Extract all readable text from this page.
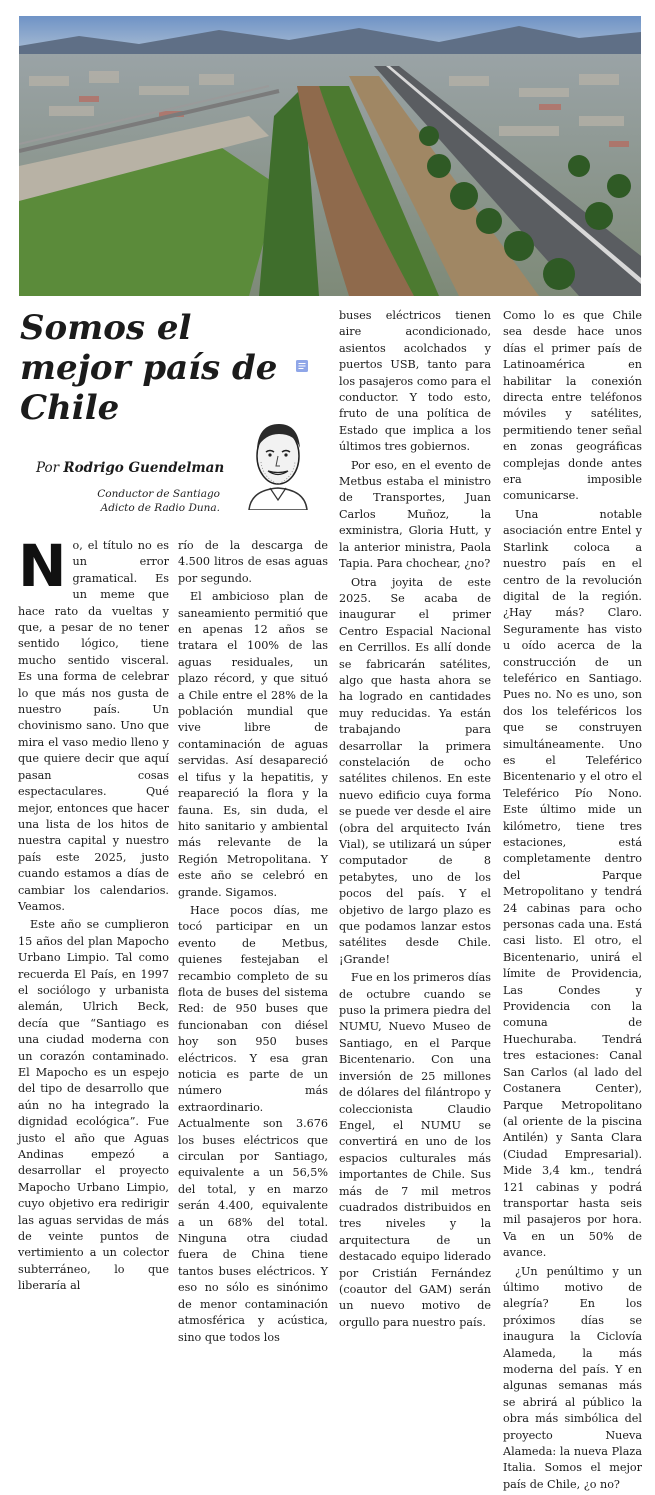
Somos el mejor país de Chile
Por Rodrigo Guendelman
Conductor de Santiago Adicto de Radio Duna.

No, el título no es un error gramatical. Es un meme que hace rato da vueltas y que, a pesar de no tener sentido lógico, tiene mucho sentido visceral. Es una forma de celebrar lo que más nos gusta de nuestro país. Un chovinismo sano. Uno que mira el vaso medio lleno y que quiere decir que aquí pasan cosas espectaculares. Qué mejor, entonces que hacer una lista de los hitos de nuestra capital y nuestro país este 2025, justo cuando estamos a días de cambiar los calendarios. Veamos.

Este año se cumplieron 15 años del plan Mapocho Urbano Limpio. Tal como recuerda El País, en 1997 el sociólogo y urbanista alemán, Ulrich Beck, decía que “Santiago es una ciudad moderna con un corazón contaminado. El Mapocho es un espejo del tipo de desarrollo que aún no ha integrado la dignidad ecológica”. Fue justo el año que Aguas Andinas empezó a desarrollar el proyecto Mapocho Urbano Limpio, cuyo objetivo era redirigir las aguas servidas de más de veinte puntos de vertimiento a un colector subterráneo, lo que liberaría al

río de la descarga de 4.500 litros de esas aguas por segundo.

El ambicioso plan de saneamiento permitió que en apenas 12 años se tratara el 100% de las aguas residuales, un plazo récord, y que situó a Chile entre el 28% de la población mundial que vive libre de contaminación de aguas servidas. Así desapareció el tifus y la hepatitis, y reapareció la flora y la fauna. Es, sin duda, el hito sanitario y ambiental más relevante de la Región Metropolitana. Y este año se celebró en grande. Sigamos.

Hace pocos días, me tocó participar en un evento de Metbus, quienes festejaban el recambio completo de su flota de buses del sistema Red: de 950 buses que funcionaban con diésel hoy son 950 buses eléctricos. Y esa gran noticia es parte de un número más extraordinario. Actualmente son 3.676 los buses eléctricos que circulan por Santiago, equivalente a un 56,5% del total, y en marzo serán 4.400, equivalente a un 68% del total. Ninguna otra ciudad fuera de China tiene tantos buses eléctricos. Y eso no sólo es sinónimo de menor contaminación atmosférica y acústica, sino que todos los

buses eléctricos tienen aire acondicionado, asientos acolchados y puertos USB, tanto para los pasajeros como para el conductor. Y todo esto, fruto de una política de Estado que implica a los últimos tres gobiernos.

Por eso, en el evento de Metbus estaba el ministro de Transportes, Juan Carlos Muñoz, la exministra, Gloria Hutt, y la anterior ministra, Paola Tapia. Para chochear, ¿no?

Otra joyita de este 2025. Se acaba de inaugurar el primer Centro Espacial Nacional en Cerrillos. Es allí donde se fabricarán satélites, algo que hasta ahora se ha logrado en cantidades muy reducidas. Ya están trabajando para desarrollar la primera constelación de ocho satélites chilenos. En este nuevo edificio cuya forma se puede ver desde el aire (obra del arquitecto Iván Vial), se utilizará un súper computador de 8 petabytes, uno de los pocos del país. Y el objetivo de largo plazo es que podamos lanzar estos satélites desde Chile. ¡Grande!

Fue en los primeros días de octubre cuando se puso la primera piedra del NUMU, Nuevo Museo de Santiago, en el Parque Bicentenario. Con una inversión de 25 millones de dólares del filántropo y coleccionista Claudio Engel, el NUMU se convertirá en uno de los espacios culturales más importantes de Chile. Sus más de 7 mil metros cuadrados distribuidos en tres niveles y la arquitectura de un destacado equipo liderado por Cristián Fernández (coautor del GAM) serán un nuevo motivo de orgullo para nuestro país.

Como lo es que Chile sea desde hace unos días el primer país de Latinoamérica en habilitar la conexión directa entre teléfonos móviles y satélites, permitiendo tener señal en zonas geográficas complejas donde antes era imposible comunicarse.

Una notable asociación entre Entel y Starlink coloca a nuestro país en el centro de la revolución digital de la región. ¿Hay más? Claro. Seguramente has visto u oído acerca de la construcción de un teleférico en Santiago. Pues no. No es uno, son dos los teleféricos los que se construyen simultáneamente. Uno es el Teleférico Bicentenario y el otro el Teleférico Pío Nono. Este último mide un kilómetro, tiene tres estaciones, está completamente dentro del Parque Metropolitano y tendrá 24 cabinas para ocho personas cada una. Está casi listo. El otro, el Bicentenario, unirá el límite de Providencia, Las Condes y Providencia con la comuna de Huechuraba. Tendrá tres estaciones: Canal San Carlos (al lado del Costanera Center), Parque Metropolitano (al oriente de la piscina Antilén) y Santa Clara (Ciudad Empresarial). Mide 3,4 km., tendrá 121 cabinas y podrá transportar hasta seis mil pasajeros por hora. Va en un 50% de avance.

¿Un penúltimo y un último motivo de alegría? En los próximos días se inaugura la Ciclovía Alameda, la más moderna del país. Y en algunas semanas más se abrirá al público la obra más simbólica del proyecto Nueva Alameda: la nueva Plaza Italia. Somos el mejor país de Chile, ¿o no?
